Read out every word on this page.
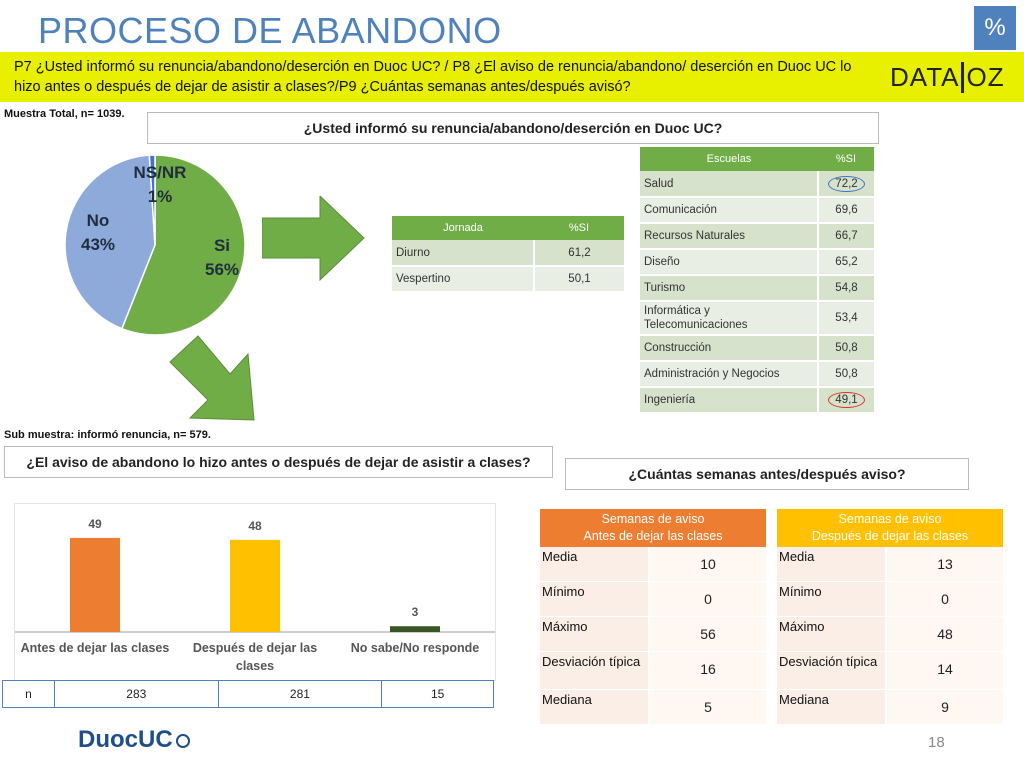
PROCESO DE ABANDONO	%
P7 ¿Usted informó su renuncia/abandono/deserción en Duoc UC? / P8 ¿El aviso de renuncia/abandono/ deserción en Duoc UC lo hizo antes o después de dejar de asistir a clases?/P9 ¿Cuántas semanas antes/después avisó?	DATA OZ
Muestra Total, n= 1039.
¿Usted informó su renuncia/abandono/deserción en Duoc UC?
Si 56%
No 43%
NS/NR 1%
Jornada	%SI
Diurno	61,2
Vespertino	50,1
Escuelas	%SI
Salud	72,2
Comunicación	69,6
Recursos Naturales	66,7
Diseño	65,2
Turismo	54,8
Informática y Telecomunicaciones	53,4
Construcción	50,8
Administración y Negocios	50,8
Ingeniería	49,1
Sub muestra: informó renuncia, n= 579.
¿El aviso de abandono lo hizo antes o después de dejar de asistir a clases?
¿Cuántas semanas antes/después aviso?
49
Antes de dejar las clases
48
Después de dejar las clases
3
No sabe/No responde
n	283	281	15
Semanas de aviso
Antes de dejar las clases
Media	10
Mínimo	0
Máximo	56
Desviación típica	16
Mediana	5
Semanas de aviso
Después de dejar las clases
Media	13
Mínimo	0
Máximo	48
Desviación típica	14
Mediana	9
DuocUC	18
